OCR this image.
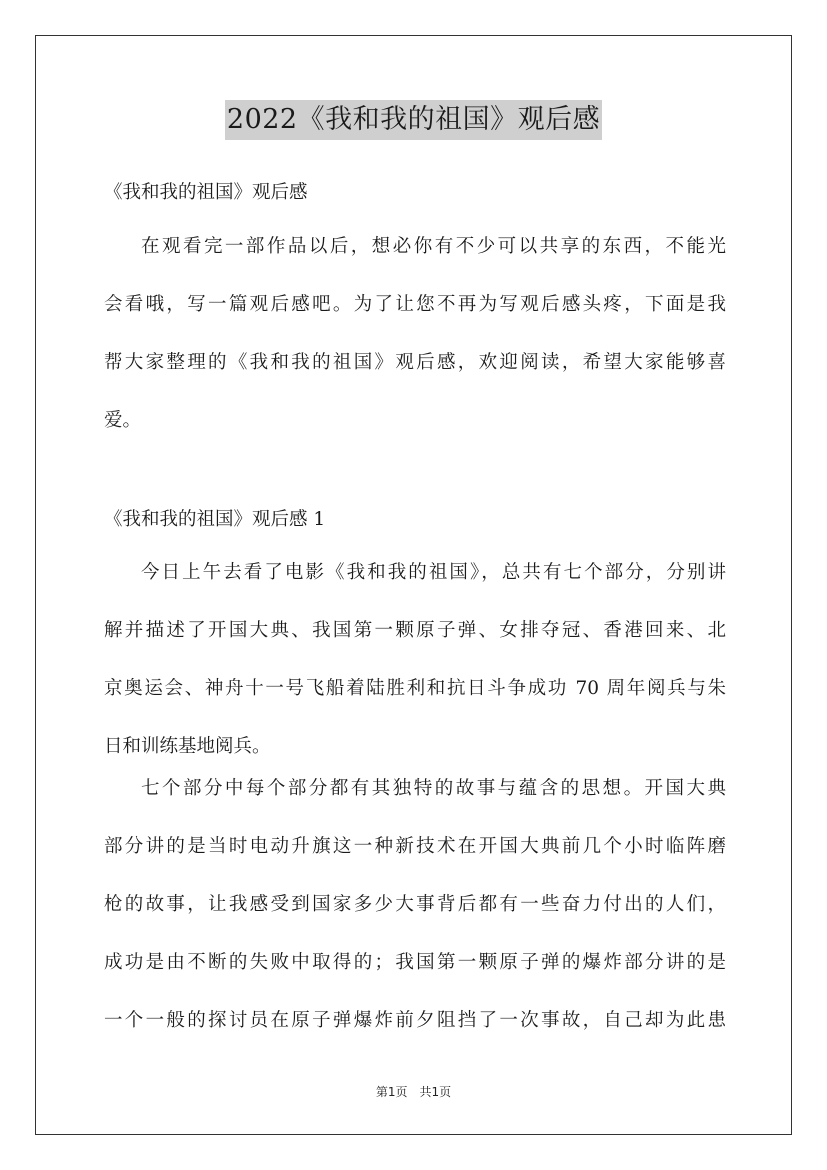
2022《我和我的祖国》观后感

《我和我的祖国》观后感

在观看完一部作品以后，想必你有不少可以共享的东西，不能光
会看哦，写一篇观后感吧。为了让您不再为写观后感头疼，下面是我
帮大家整理的《我和我的祖国》观后感，欢迎阅读，希望大家能够喜
爱。

《我和我的祖国》观后感 1

今日上午去看了电影《我和我的祖国》，总共有七个部分，分别讲
解并描述了开国大典、我国第一颗原子弹、女排夺冠、香港回来、北
京奥运会、神舟十一号飞船着陆胜利和抗日斗争成功 70 周年阅兵与朱
日和训练基地阅兵。
七个部分中每个部分都有其独特的故事与蕴含的思想。开国大典
部分讲的是当时电动升旗这一种新技术在开国大典前几个小时临阵磨
枪的故事，让我感受到国家多少大事背后都有一些奋力付出的人们，
成功是由不断的失败中取得的；我国第一颗原子弹的爆炸部分讲的是
一个一般的探讨员在原子弹爆炸前夕阻挡了一次事故，自己却为此患
第1页 共1页
